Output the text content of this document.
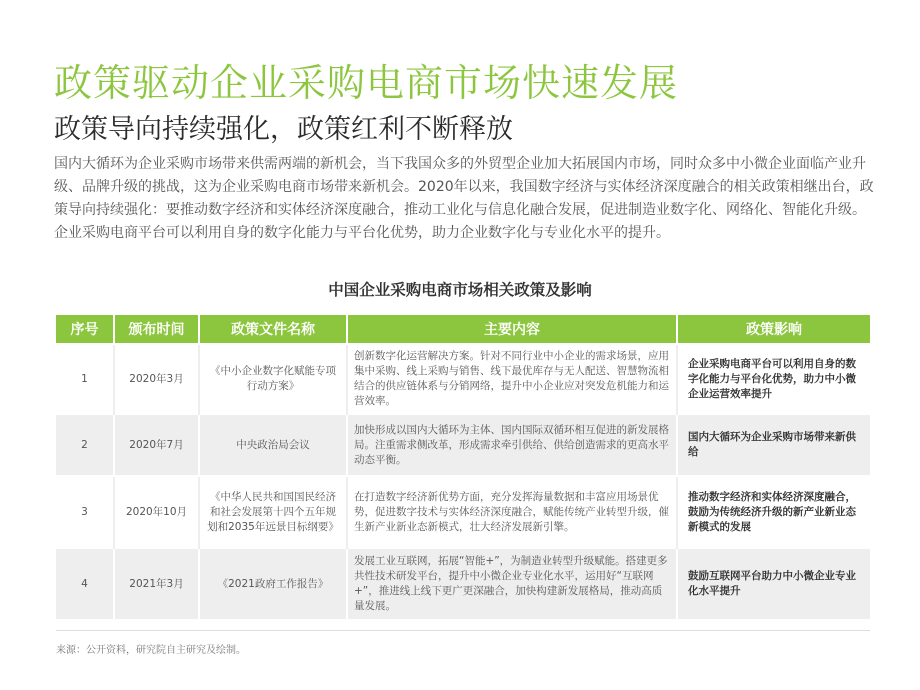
政策驱动企业采购电商市场快速发展
政策导向持续强化，政策红利不断释放
国内大循环为企业采购市场带来供需两端的新机会，当下我国众多的外贸型企业加大拓展国内市场，同时众多中小微企业面临产业升级、品牌升级的挑战，这为企业采购电商市场带来新机会。2020年以来，我国数字经济与实体经济深度融合的相关政策相继出台，政策导向持续强化：要推动数字经济和实体经济深度融合，推动工业化与信息化融合发展，促进制造业数字化、网络化、智能化升级。企业采购电商平台可以利用自身的数字化能力与平台化优势，助力企业数字化与专业化水平的提升。
中国企业采购电商市场相关政策及影响
序号	颁布时间	政策文件名称	主要内容	政策影响
1	2020年3月	《中小企业数字化赋能专项行动方案》	创新数字化运营解决方案。针对不同行业中小企业的需求场景，应用集中采购、线上采购与销售、线下最优库存与无人配送、智慧物流相结合的供应链体系与分销网络，提升中小企业应对突发危机能力和运营效率。	企业采购电商平台可以利用自身的数字化能力与平台化优势，助力中小微企业运营效率提升
2	2020年7月	中央政治局会议	加快形成以国内大循环为主体、国内国际双循环相互促进的新发展格局。注重需求侧改革，形成需求牵引供给、供给创造需求的更高水平动态平衡。	国内大循环为企业采购市场带来新供给
3	2020年10月	《中华人民共和国国民经济和社会发展第十四个五年规划和2035年远景目标纲要》	在打造数字经济新优势方面，充分发挥海量数据和丰富应用场景优势，促进数字技术与实体经济深度融合，赋能传统产业转型升级，催生新产业新业态新模式，壮大经济发展新引擎。	推动数字经济和实体经济深度融合，鼓励为传统经济升级的新产业新业态新模式的发展
4	2021年3月	《2021政府工作报告》	发展工业互联网，拓展“智能+”，为制造业转型升级赋能。搭建更多共性技术研发平台，提升中小微企业专业化水平，运用好“互联网+”，推进线上线下更广更深融合，加快构建新发展格局，推动高质量发展。	鼓励互联网平台助力中小微企业专业化水平提升
来源：公开资料，研究院自主研究及绘制。
